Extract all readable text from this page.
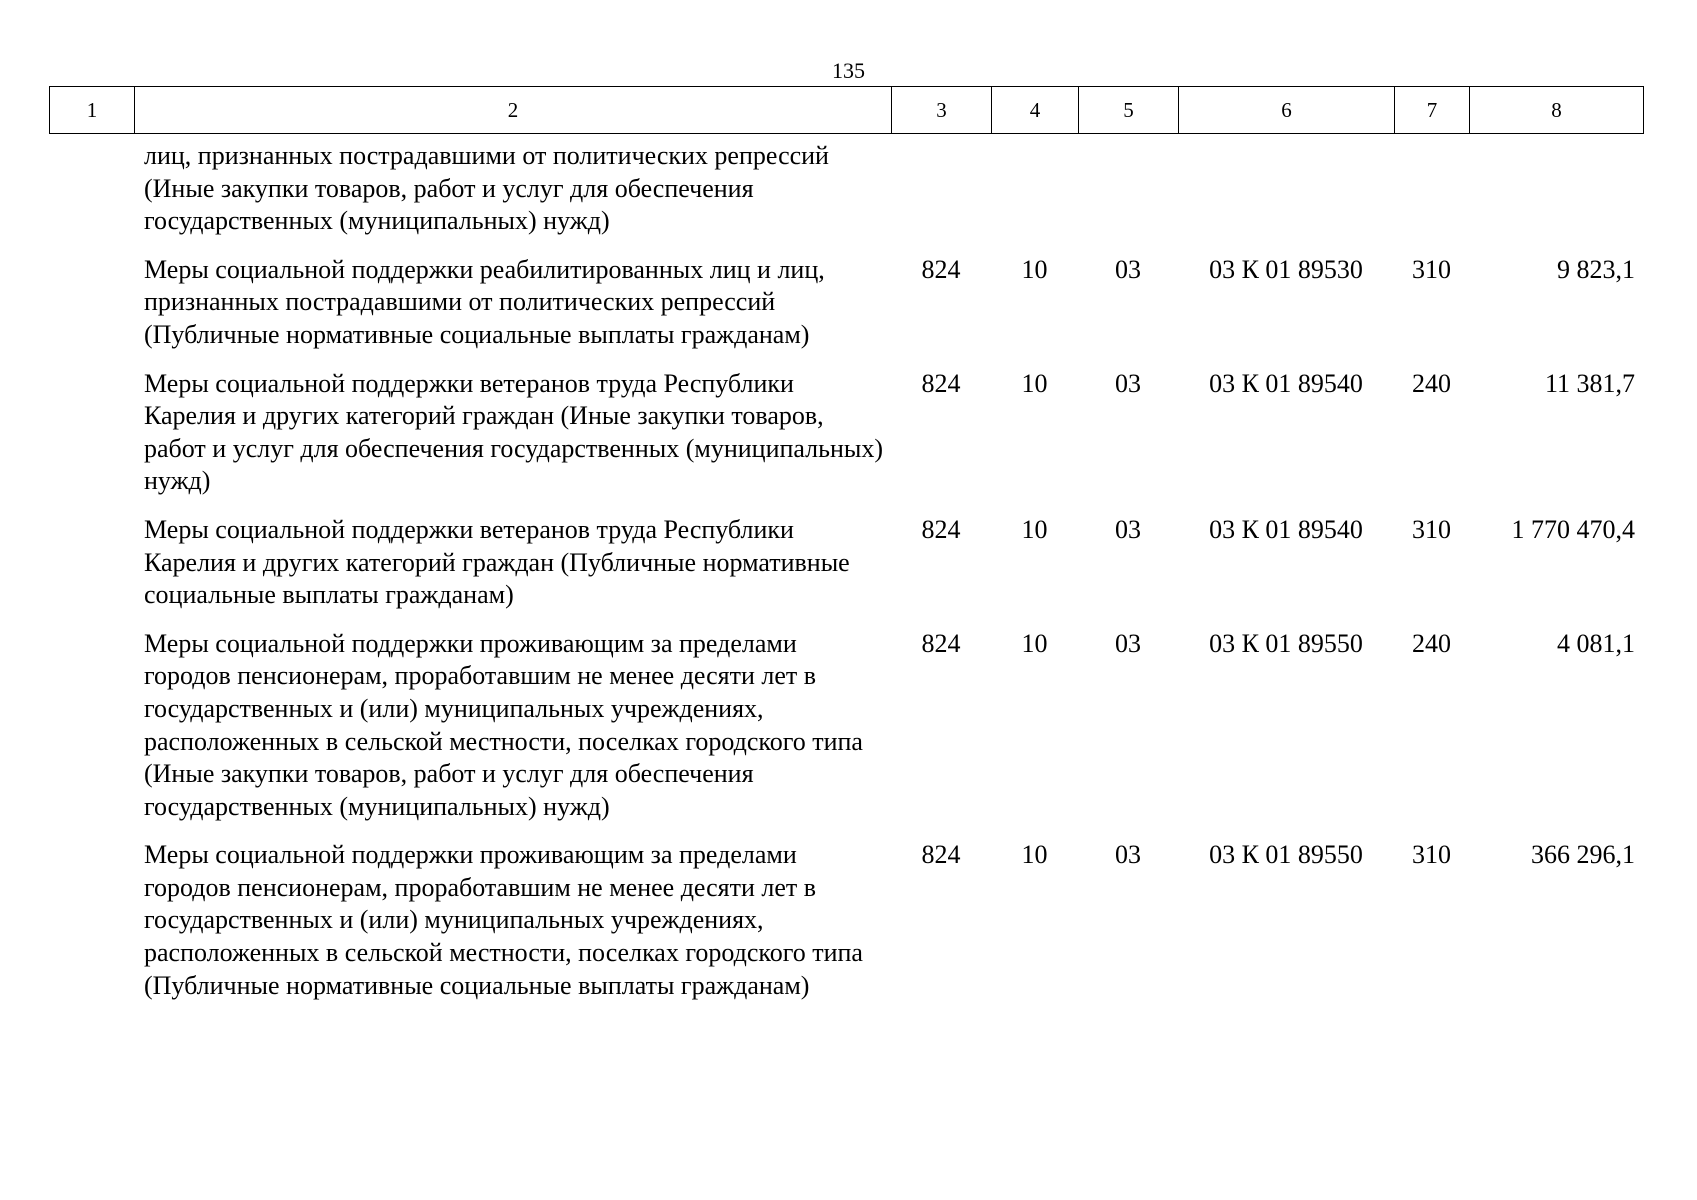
135
1	2	3	4	5	6	7	8
лиц, признанных пострадавшими от политических репрессий (Иные закупки товаров, работ и услуг для обеспечения государственных (муниципальных) нужд)						
Меры социальной поддержки реабилитированных лиц и лиц, признанных пострадавшими от политических репрессий (Публичные нормативные социальные выплаты гражданам)	824	10	03	03 К 01 89530	310	9 823,1
Меры социальной поддержки ветеранов труда Республики Карелия и других категорий граждан (Иные закупки товаров, работ и услуг для обеспечения государственных (муниципальных) нужд)	824	10	03	03 К 01 89540	240	11 381,7
Меры социальной поддержки ветеранов труда Республики Карелия и других категорий граждан (Публичные нормативные социальные выплаты гражданам)	824	10	03	03 К 01 89540	310	1 770 470,4
Меры социальной поддержки проживающим за пределами городов пенсионерам, проработавшим не менее десяти лет в государственных и (или) муниципальных учреждениях, расположенных в сельской местности, поселках городского типа (Иные закупки товаров, работ и услуг для обеспечения государственных (муниципальных) нужд)	824	10	03	03 К 01 89550	240	4 081,1
Меры социальной поддержки проживающим за пределами городов пенсионерам, проработавшим не менее десяти лет в государственных и (или) муниципальных учреждениях, расположенных в сельской местности, поселках городского типа (Публичные нормативные социальные выплаты гражданам)	824	10	03	03 К 01 89550	310	366 296,1
